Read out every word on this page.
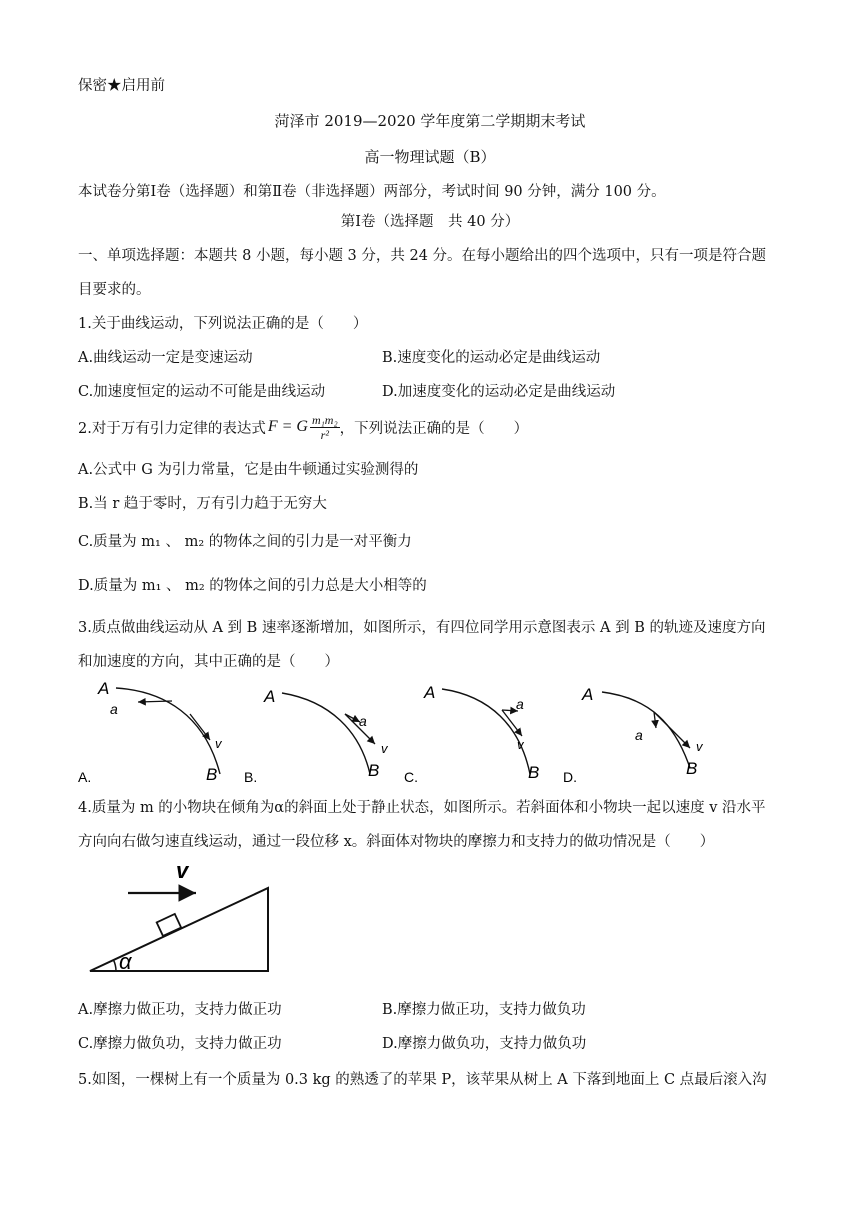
保密★启用前
菏泽市 2019—2020 学年度第二学期期末考试
高一物理试题（B）
本试卷分第Ⅰ卷（选择题）和第Ⅱ卷（非选择题）两部分，考试时间 90 分钟，满分 100 分。
第Ⅰ卷（选择题　共 40 分）
一、单项选择题：本题共 8 小题，每小题 3 分，共 24 分。在每小题给出的四个选项中，只有一项是符合题
目要求的。
1.关于曲线运动，下列说法正确的是（　　）
A.曲线运动一定是变速运动	B.速度变化的运动必定是曲线运动
C.加速度恒定的运动不可能是曲线运动	D.加速度变化的运动必定是曲线运动
2.对于万有引力定律的表达式 F = G $\frac{\text{m₁m₂}}{\text{r²}}$ ，下列说法正确的是（　　）
A.公式中 G 为引力常量，它是由牛顿通过实验测得的
B.当 r 趋于零时，万有引力趋于无穷大
C.质量为 m₁ 、 m₂ 的物体之间的引力是一对平衡力
D.质量为 m₁ 、 m₂ 的物体之间的引力总是大小相等的
3.质点做曲线运动从 A 到 B 速率逐渐增加，如图所示，有四位同学用示意图表示 A 到 B 的轨迹及速度方向
和加速度的方向，其中正确的是（　　）
A
a
v
B
A.
A
a
v
B
B.
A
a
v
B
C.
A
a
v
B
D.
4.质量为 m 的小物块在倾角为α的斜面上处于静止状态，如图所示。若斜面体和小物块一起以速度 v 沿水平
方向向右做匀速直线运动，通过一段位移 x。斜面体对物块的摩擦力和支持力的做功情况是（　　）
v
α
A.摩擦力做正功，支持力做正功	B.摩擦力做正功，支持力做负功
C.摩擦力做负功，支持力做正功	D.摩擦力做负功，支持力做负功
5.如图，一棵树上有一个质量为 0.3 kg 的熟透了的苹果 P，该苹果从树上 A 下落到地面上 C 点最后滚入沟
